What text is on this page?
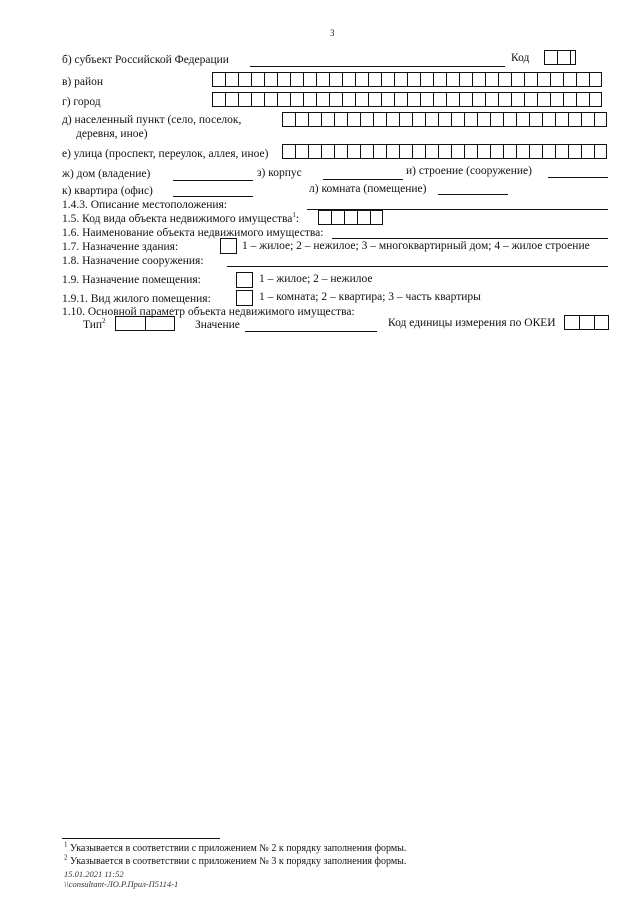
3
б) субъект Российской Федерации	Код
в) район
г) город
д) населенный пункт (село, поселок,
деревня, иное)
е) улица (проспект, переулок, аллея, иное)
ж) дом (владение)	з) корпус	и) строение (сооружение)
к) квартира (офис)	л) комната (помещение)
1.4.3. Описание местоположения:
1.5. Код вида объекта недвижимого имущества$^1$:
1.6. Наименование объекта недвижимого имущества:
1.7. Назначение здания:	1 – жилое; 2 – нежилое; 3 – многоквартирный дом; 4 – жилое строение
1.8. Назначение сооружения:
1.9. Назначение помещения:	1 – жилое; 2 – нежилое
1.9.1. Вид жилого помещения:	1 – комната; 2 – квартира; 3 – часть квартиры
1.10. Основной параметр объекта недвижимого имущества:
Тип$^2$	Значение	Код единицы измерения по ОКЕИ
$^1$ Указывается в соответствии с приложением № 2 к порядку заполнения формы.
$^2$ Указывается в соответствии с приложением № 3 к порядку заполнения формы.
15.01.2021 11:52
\\consultant-ЛО.Р.Прил-П5114-1
